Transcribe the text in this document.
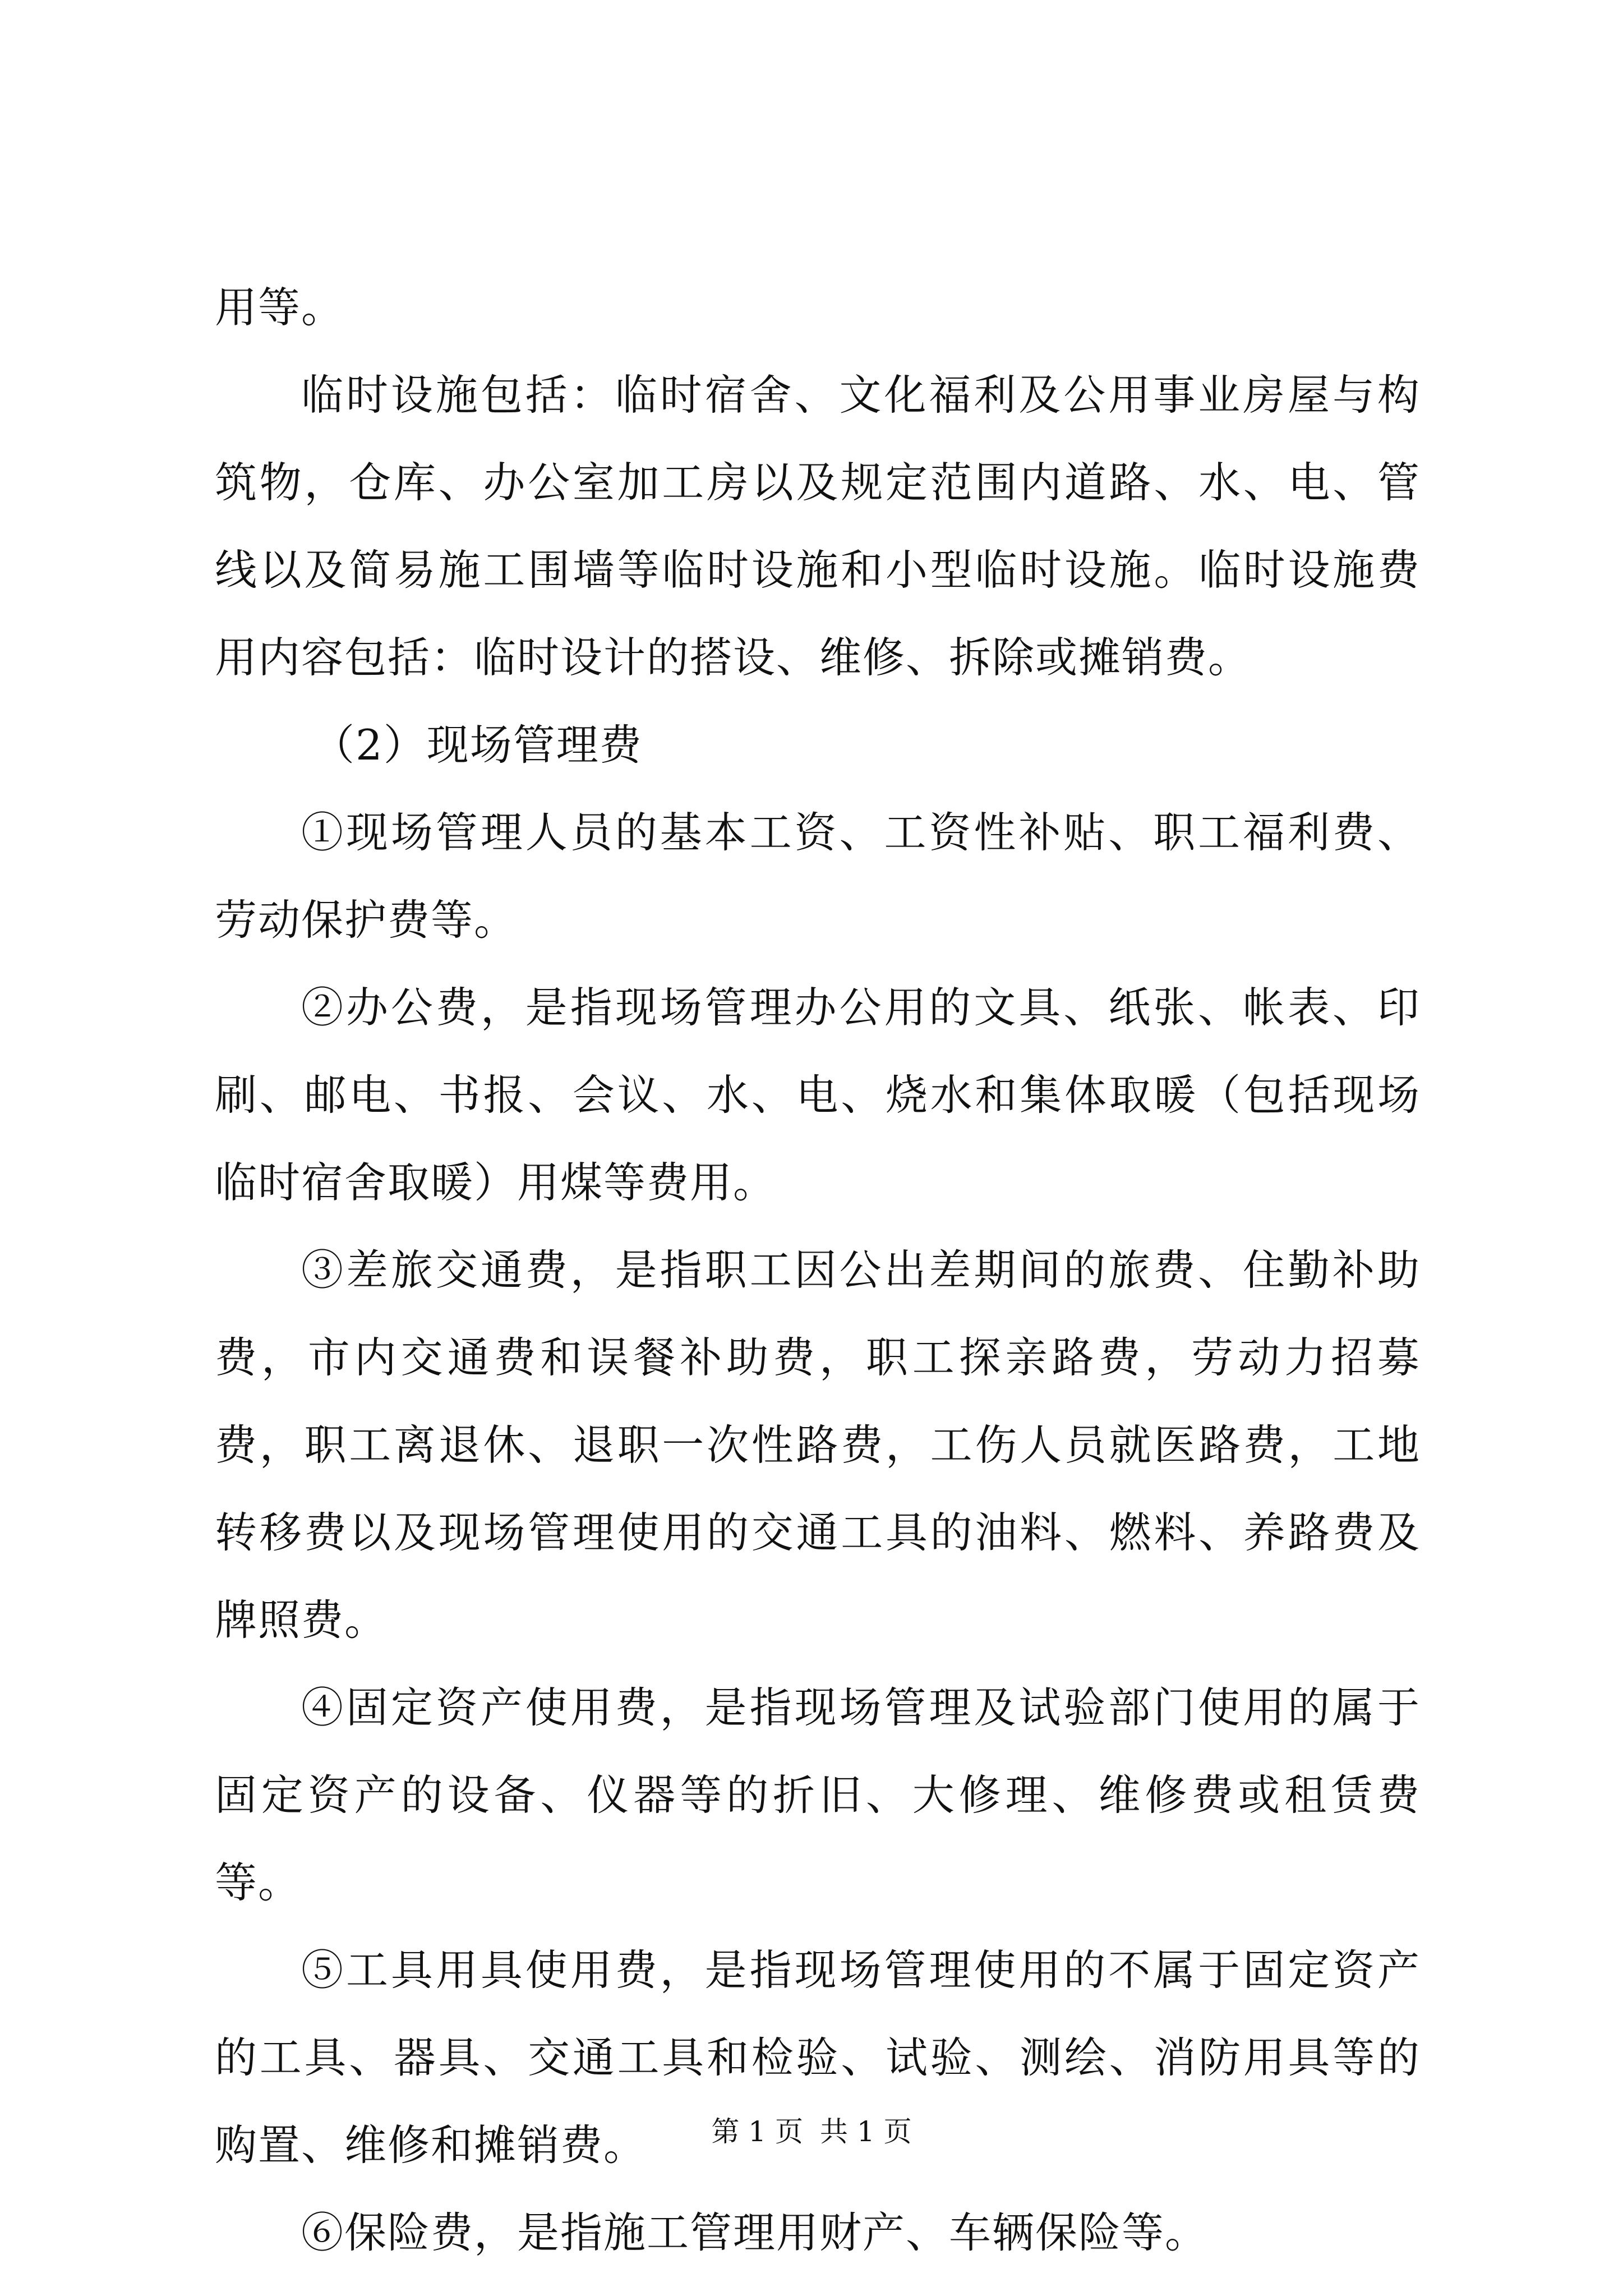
用等。

临时设施包括：临时宿舍、文化福利及公用事业房屋与构筑物，仓库、办公室加工房以及规定范围内道路、水、电、管线以及简易施工围墙等临时设施和小型临时设施。临时设施费用内容包括：临时设计的搭设、维修、拆除或摊销费。

（2）现场管理费

①现场管理人员的基本工资、工资性补贴、职工福利费、劳动保护费等。

②办公费，是指现场管理办公用的文具、纸张、帐表、印刷、邮电、书报、会议、水、电、烧水和集体取暖（包括现场临时宿舍取暖）用煤等费用。

③差旅交通费，是指职工因公出差期间的旅费、住勤补助费，市内交通费和误餐补助费，职工探亲路费，劳动力招募费，职工离退休、退职一次性路费，工伤人员就医路费，工地转移费以及现场管理使用的交通工具的油料、燃料、养路费及牌照费。

④固定资产使用费，是指现场管理及试验部门使用的属于固定资产的设备、仪器等的折旧、大修理、维修费或租赁费等。

⑤工具用具使用费，是指现场管理使用的不属于固定资产的工具、器具、交通工具和检验、试验、测绘、消防用具等的购置、维修和摊销费。

⑥保险费，是指施工管理用财产、车辆保险等。

第 1 页 共 1 页
